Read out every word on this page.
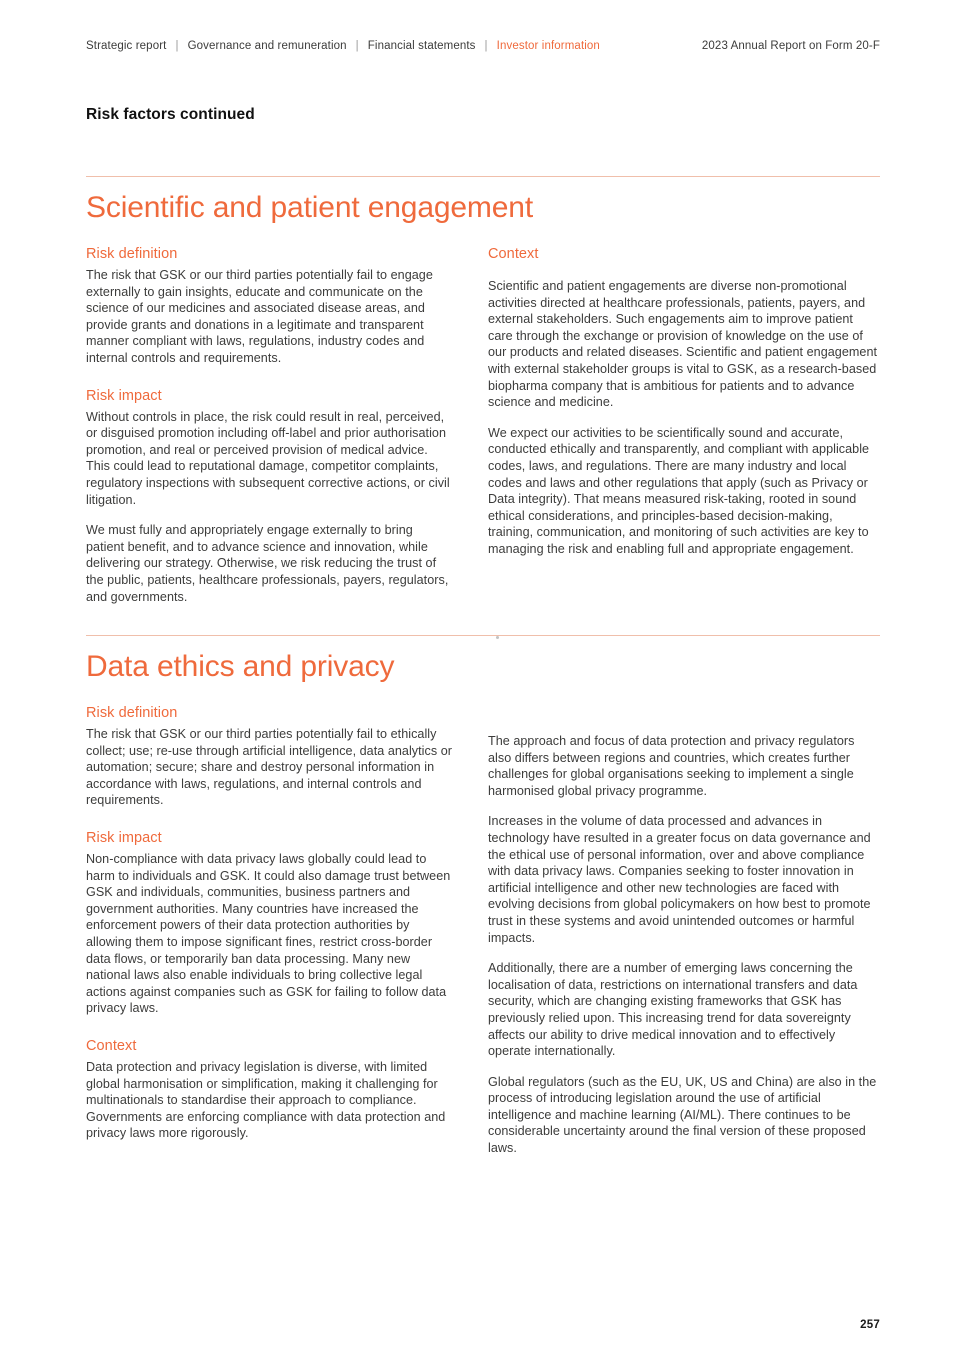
Strategic report | Governance and remuneration | Financial statements | Investor information	2023 Annual Report on Form 20-F
Risk factors continued
Scientific and patient engagement
Risk definition

The risk that GSK or our third parties potentially fail to engage externally to gain insights, educate and communicate on the science of our medicines and associated disease areas, and provide grants and donations in a legitimate and transparent manner compliant with laws, regulations, industry codes and internal controls and requirements.

Risk impact

Without controls in place, the risk could result in real, perceived, or disguised promotion including off-label and prior authorisation promotion, and real or perceived provision of medical advice. This could lead to reputational damage, competitor complaints, regulatory inspections with subsequent corrective actions, or civil litigation.

We must fully and appropriately engage externally to bring patient benefit, and to advance science and innovation, while delivering our strategy. Otherwise, we risk reducing the trust of the public, patients, healthcare professionals, payers, regulators, and governments.

Context

Scientific and patient engagements are diverse non-promotional activities directed at healthcare professionals, patients, payers, and external stakeholders. Such engagements aim to improve patient care through the exchange or provision of knowledge on the use of our products and related diseases. Scientific and patient engagement with external stakeholder groups is vital to GSK, as a research-based biopharma company that is ambitious for patients and to advance science and medicine.

We expect our activities to be scientifically sound and accurate, conducted ethically and transparently, and compliant with applicable codes, laws, and regulations. There are many industry and local codes and laws and other regulations that apply (such as Privacy or Data integrity). That means measured risk-taking, rooted in sound ethical considerations, and principles-based decision-making, training, communication, and monitoring of such activities are key to managing the risk and enabling full and appropriate engagement.

Data ethics and privacy
Risk definition

The risk that GSK or our third parties potentially fail to ethically collect; use; re-use through artificial intelligence, data analytics or automation; secure; share and destroy personal information in accordance with laws, regulations, and internal controls and requirements.

Risk impact

Non-compliance with data privacy laws globally could lead to harm to individuals and GSK. It could also damage trust between GSK and individuals, communities, business partners and government authorities. Many countries have increased the enforcement powers of their data protection authorities by allowing them to impose significant fines, restrict cross-border data flows, or temporarily ban data processing. Many new national laws also enable individuals to bring collective legal actions against companies such as GSK for failing to follow data privacy laws.

Context

Data protection and privacy legislation is diverse, with limited global harmonisation or simplification, making it challenging for multinationals to standardise their approach to compliance. Governments are enforcing compliance with data protection and privacy laws more rigorously.

The approach and focus of data protection and privacy regulators also differs between regions and countries, which creates further challenges for global organisations seeking to implement a single harmonised global privacy programme.

Increases in the volume of data processed and advances in technology have resulted in a greater focus on data governance and the ethical use of personal information, over and above compliance with data privacy laws. Companies seeking to foster innovation in artificial intelligence and other new technologies are faced with evolving decisions from global policymakers on how best to promote trust in these systems and avoid unintended outcomes or harmful impacts.

Additionally, there are a number of emerging laws concerning the localisation of data, restrictions on international transfers and data security, which are changing existing frameworks that GSK has previously relied upon. This increasing trend for data sovereignty affects our ability to drive medical innovation and to effectively operate internationally.

Global regulators (such as the EU, UK, US and China) are also in the process of introducing legislation around the use of artificial intelligence and machine learning (AI/ML). There continues to be considerable uncertainty around the final version of these proposed laws.

257
